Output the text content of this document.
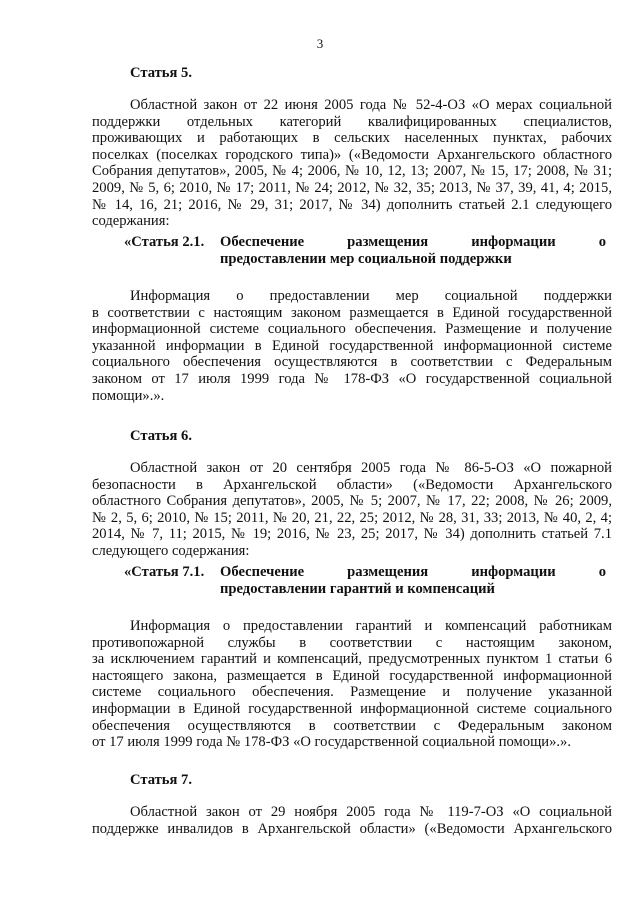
3
Статья 5.
Областной закон от 22 июня 2005 года № 52-4-ОЗ «О мерах социальной
поддержки отдельных категорий квалифицированных специалистов,
проживающих и работающих в сельских населенных пунктах, рабочих
поселках (поселках городского типа)» («Ведомости Архангельского областного
Собрания депутатов», 2005, № 4; 2006, № 10, 12, 13; 2007, № 15, 17; 2008, № 31;
2009, № 5, 6; 2010, № 17; 2011, № 24; 2012, № 32, 35; 2013, № 37, 39, 41, 4; 2015,
№ 14, 16, 21; 2016, № 29, 31; 2017, № 34) дополнить статьей 2.1 следующего
содержания:
«Статья 2.1.	Обеспечение размещения информации о
предоставлении мер социальной поддержки
Информация о предоставлении мер социальной поддержки
в соответствии с настоящим законом размещается в Единой государственной
информационной системе социального обеспечения. Размещение и получение
указанной информации в Единой государственной информационной системе
социального обеспечения осуществляются в соответствии с Федеральным
законом от 17 июля 1999 года № 178-ФЗ «О государственной социальной
помощи».».
Статья 6.
Областной закон от 20 сентября 2005 года № 86-5-ОЗ «О пожарной
безопасности в Архангельской области» («Ведомости Архангельского
областного Собрания депутатов», 2005, № 5; 2007, № 17, 22; 2008, № 26; 2009,
№ 2, 5, 6; 2010, № 15; 2011, № 20, 21, 22, 25; 2012, № 28, 31, 33; 2013, № 40, 2, 4;
2014, № 7, 11; 2015, № 19; 2016, № 23, 25; 2017, № 34) дополнить статьей 7.1
следующего содержания:
«Статья 7.1.	Обеспечение размещения информации о
предоставлении гарантий и компенсаций
Информация о предоставлении гарантий и компенсаций работникам
противопожарной службы в соответствии с настоящим законом,
за исключением гарантий и компенсаций, предусмотренных пунктом 1 статьи 6
настоящего закона, размещается в Единой государственной информационной
системе социального обеспечения. Размещение и получение указанной
информации в Единой государственной информационной системе социального
обеспечения осуществляются в соответствии с Федеральным законом
от 17 июля 1999 года № 178-ФЗ «О государственной социальной помощи».».
Статья 7.
Областной закон от 29 ноября 2005 года № 119-7-ОЗ «О социальной
поддержке инвалидов в Архангельской области» («Ведомости Архангельского
